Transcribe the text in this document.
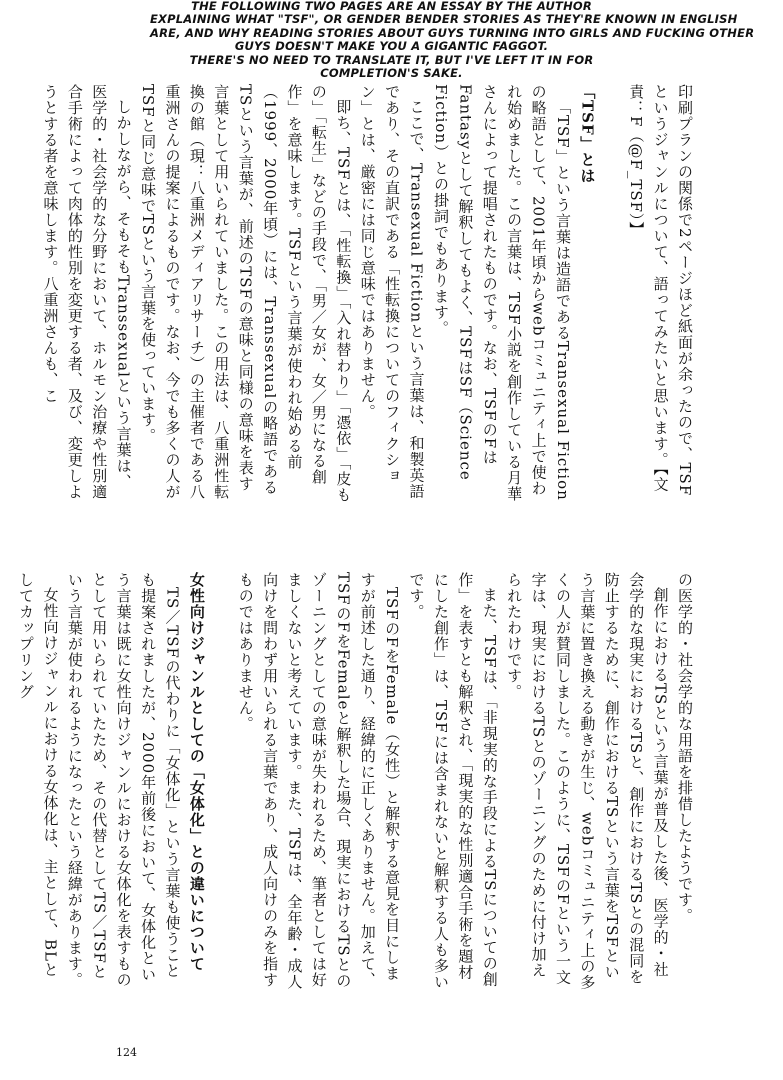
THE FOLLOWING TWO PAGES ARE AN ESSAY BY THE AUTHOR
EXPLAINING WHAT "TSF", OR GENDER BENDER STORIES AS THEY'RE KNOWN IN ENGLISH
ARE, AND WHY READING STORIES ABOUT GUYS TURNING INTO GIRLS AND FUCKING OTHER
GUYS DOESN'T MAKE YOU A GIGANTIC FAGGOT.
THERE'S NO NEED TO TRANSLATE IT, BUT I'VE LEFT IT IN FOR
COMPLETION'S SAKE.

印刷プランの関係で2ページほど紙面が余ったので、TSFというジャンルについて、語ってみたいと思います。【文責：F（@F_TSF）】

「TSF」とは

「TSF」という言葉は造語であるTransexual Fictionの略語として、2001年頃からwebコミュニティ上で使われ始めました。この言葉は、TSF小説を創作している月華さんによって提唱されたものです。なお、TSFのFはFantasyとして解釈してもよく、TSFはSF（Science Fiction）との掛詞でもあります。

ここで、Transexual Fictionという言葉は、和製英語であり、その直訳である「性転換についてのフィクション」とは、厳密には同じ意味ではありません。

即ち、TSFとは、「性転換」「入れ替わり」「憑依」「皮もの」「転生」などの手段で、「男／女が、女／男になる創作」を意味します。TSFという言葉が使われ始める前（1999、2000年頃）には、Transsexualの略語であるTSという言葉が、前述のTSFの意味と同様の意味を表す言葉として用いられていました。この用法は、八重洲性転換の館（現：八重洲メディアリサーチ）の主催者である八重洲さんの提案によるものです。なお、今でも多くの人がTSFと同じ意味でTSという言葉を使っています。

しかしながら、そもそもTranssexualという言葉は、医学的・社会学的な分野において、ホルモン治療や性別適合手術によって肉体的性別を変更する者、及び、変更しようとする者を意味します。八重洲さんも、こ

の医学的・社会学的な用語を排借したようです。

創作におけるTSという言葉が普及した後、医学的・社会学的な現実におけるTSと、創作におけるTSとの混同を防止するために、創作におけるTSという言葉をTSFという言葉に置き換える動きが生じ、webコミュニティ上の多くの人が賛同しました。このように、TSFのFという一文字は、現実におけるTSとのゾーニングのために付け加えられたわけです。

また、TSFは、「非現実的な手段によるTSについての創作」を表すとも解釈され、「現実的な性別適合手術を題材にした創作」は、TSFには含まれないと解釈する人も多いです。

TSFのFをFemale（女性）と解釈する意見を目にしますが前述した通り、経緯的に正しくありません。加えて、TSFのFをFemaleと解釈した場合、現実におけるTSとのゾーニングとしての意味が失われるため、筆者としては好ましくないと考えています。また、TSFは、全年齢・成人向けを問わず用いられる言葉であり、成人向けのみを指すものではありません。

女性向けジャンルとしての「女体化」との違いについて

TS／TSFの代わりに「女体化」という言葉も使うことも提案されましたが、2000年前後において、女体化という言葉は既に女性向けジャンルにおける女体化を表すものとして用いられていたため、その代替としてTS／TSFという言葉が使われるようになったという経緯があります。

女性向けジャンルにおける女体化は、主として、BLとしてカップリング

124
